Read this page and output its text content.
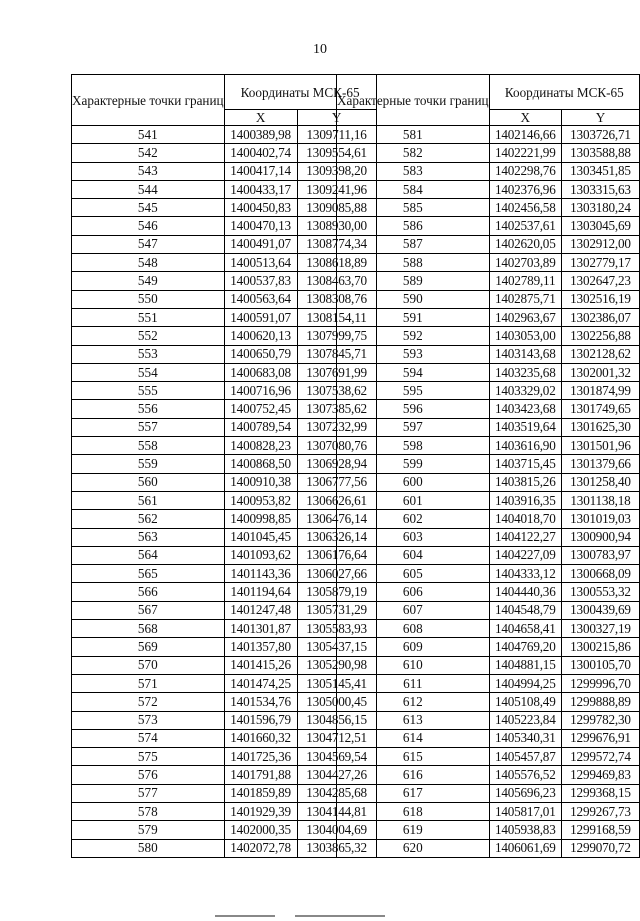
10
Характерные точки границ	Координаты МСК-65	
	X	Y
541	1400389,98	1309711,16
542	1400402,74	1309554,61
543	1400417,14	1309398,20
544	1400433,17	1309241,96
545	1400450,83	1309085,88
546	1400470,13	1308930,00
547	1400491,07	1308774,34
548	1400513,64	1308618,89
549	1400537,83	1308463,70
550	1400563,64	1308308,76
551	1400591,07	1308154,11
552	1400620,13	1307999,75
553	1400650,79	1307845,71
554	1400683,08	1307691,99
555	1400716,96	1307538,62
556	1400752,45	1307385,62
557	1400789,54	1307232,99
558	1400828,23	1307080,76
559	1400868,50	1306928,94
560	1400910,38	1306777,56
561	1400953,82	1306626,61
562	1400998,85	1306476,14
563	1401045,45	1306326,14
564	1401093,62	1306176,64
565	1401143,36	1306027,66
566	1401194,64	1305879,19
567	1401247,48	1305731,29
568	1401301,87	1305583,93
569	1401357,80	1305437,15
570	1401415,26	1305290,98
571	1401474,25	1305145,41
572	1401534,76	1305000,45
573	1401596,79	1304856,15
574	1401660,32	1304712,51
575	1401725,36	1304569,54
576	1401791,88	1304427,26
577	1401859,89	1304285,68
578	1401929,39	1304144,81
579	1402000,35	1304004,69
580	1402072,78	1303865,32
Характерные точки границ	Координаты МСК-65	
	X	Y
581	1402146,66	1303726,71
582	1402221,99	1303588,88
583	1402298,76	1303451,85
584	1402376,96	1303315,63
585	1402456,58	1303180,24
586	1402537,61	1303045,69
587	1402620,05	1302912,00
588	1402703,89	1302779,17
589	1402789,11	1302647,23
590	1402875,71	1302516,19
591	1402963,67	1302386,07
592	1403053,00	1302256,88
593	1403143,68	1302128,62
594	1403235,68	1302001,32
595	1403329,02	1301874,99
596	1403423,68	1301749,65
597	1403519,64	1301625,30
598	1403616,90	1301501,96
599	1403715,45	1301379,66
600	1403815,26	1301258,40
601	1403916,35	1301138,18
602	1404018,70	1301019,03
603	1404122,27	1300900,94
604	1404227,09	1300783,97
605	1404333,12	1300668,09
606	1404440,36	1300553,32
607	1404548,79	1300439,69
608	1404658,41	1300327,19
609	1404769,20	1300215,86
610	1404881,15	1300105,70
611	1404994,25	1299996,70
612	1405108,49	1299888,89
613	1405223,84	1299782,30
614	1405340,31	1299676,91
615	1405457,87	1299572,74
616	1405576,52	1299469,83
617	1405696,23	1299368,15
618	1405817,01	1299267,73
619	1405938,83	1299168,59
620	1406061,69	1299070,72
